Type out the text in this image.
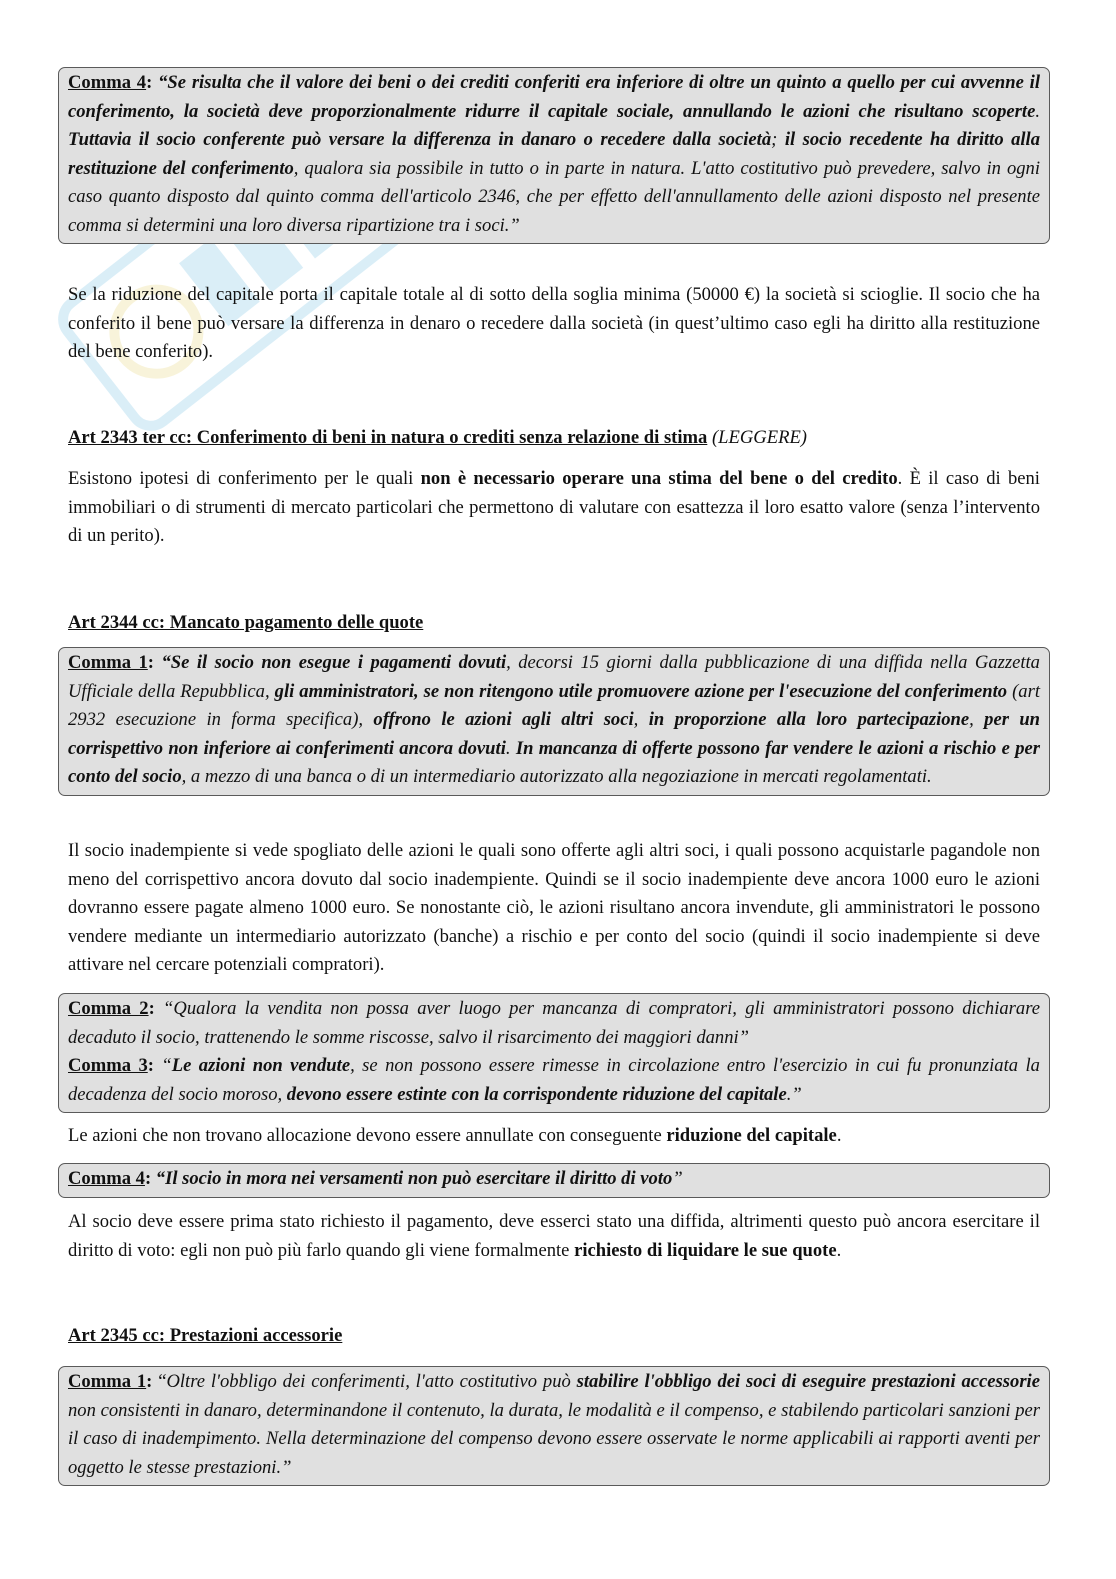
Comma 4: “Se risulta che il valore dei beni o dei crediti conferiti era inferiore di oltre un quinto a quello per cui avvenne il conferimento, la società deve proporzionalmente ridurre il capitale sociale, annullando le azioni che risultano scoperte. Tuttavia il socio conferente può versare la differenza in danaro o recedere dalla società; il socio recedente ha diritto alla restituzione del conferimento, qualora sia possibile in tutto o in parte in natura. L'atto costitutivo può prevedere, salvo in ogni caso quanto disposto dal quinto comma dell'articolo 2346, che per effetto dell'annullamento delle azioni disposto nel presente comma si determini una loro diversa ripartizione tra i soci.”
Se la riduzione del capitale porta il capitale totale al di sotto della soglia minima (50000 €) la società si scioglie. Il socio che ha conferito il bene può versare la differenza in denaro o recedere dalla società (in quest’ultimo caso egli ha diritto alla restituzione del bene conferito).
Art 2343 ter cc: Conferimento di beni in natura o crediti senza relazione di stima (LEGGERE)
Esistono ipotesi di conferimento per le quali non è necessario operare una stima del bene o del credito. È il caso di beni immobiliari o di strumenti di mercato particolari che permettono di valutare con esattezza il loro esatto valore (senza l’intervento di un perito).
Art 2344 cc: Mancato pagamento delle quote
Comma 1: “Se il socio non esegue i pagamenti dovuti, decorsi 15 giorni dalla pubblicazione di una diffida nella Gazzetta Ufficiale della Repubblica, gli amministratori, se non ritengono utile promuovere azione per l'esecuzione del conferimento (art 2932 esecuzione in forma specifica), offrono le azioni agli altri soci, in proporzione alla loro partecipazione, per un corrispettivo non inferiore ai conferimenti ancora dovuti. In mancanza di offerte possono far vendere le azioni a rischio e per conto del socio, a mezzo di una banca o di un intermediario autorizzato alla negoziazione in mercati regolamentati.
Il socio inadempiente si vede spogliato delle azioni le quali sono offerte agli altri soci, i quali possono acquistarle pagandole non meno del corrispettivo ancora dovuto dal socio inadempiente. Quindi se il socio inadempiente deve ancora 1000 euro le azioni dovranno essere pagate almeno 1000 euro. Se nonostante ciò, le azioni risultano ancora invendute, gli amministratori le possono vendere mediante un intermediario autorizzato (banche) a rischio e per conto del socio (quindi il socio inadempiente si deve attivare nel cercare potenziali compratori).
Comma 2: “Qualora la vendita non possa aver luogo per mancanza di compratori, gli amministratori possono dichiarare decaduto il socio, trattenendo le somme riscosse, salvo il risarcimento dei maggiori danni”
Comma 3: “Le azioni non vendute, se non possono essere rimesse in circolazione entro l'esercizio in cui fu pronunziata la decadenza del socio moroso, devono essere estinte con la corrispondente riduzione del capitale.”
Le azioni che non trovano allocazione devono essere annullate con conseguente riduzione del capitale.
Comma 4: “Il socio in mora nei versamenti non può esercitare il diritto di voto”
Al socio deve essere prima stato richiesto il pagamento, deve esserci stato una diffida, altrimenti questo può ancora esercitare il diritto di voto: egli non può più farlo quando gli viene formalmente richiesto di liquidare le sue quote.
Art 2345 cc: Prestazioni accessorie
Comma 1: “Oltre l'obbligo dei conferimenti, l'atto costitutivo può stabilire l'obbligo dei soci di eseguire prestazioni accessorie non consistenti in danaro, determinandone il contenuto, la durata, le modalità e il compenso, e stabilendo particolari sanzioni per il caso di inadempimento. Nella determinazione del compenso devono essere osservate le norme applicabili ai rapporti aventi per oggetto le stesse prestazioni.”
